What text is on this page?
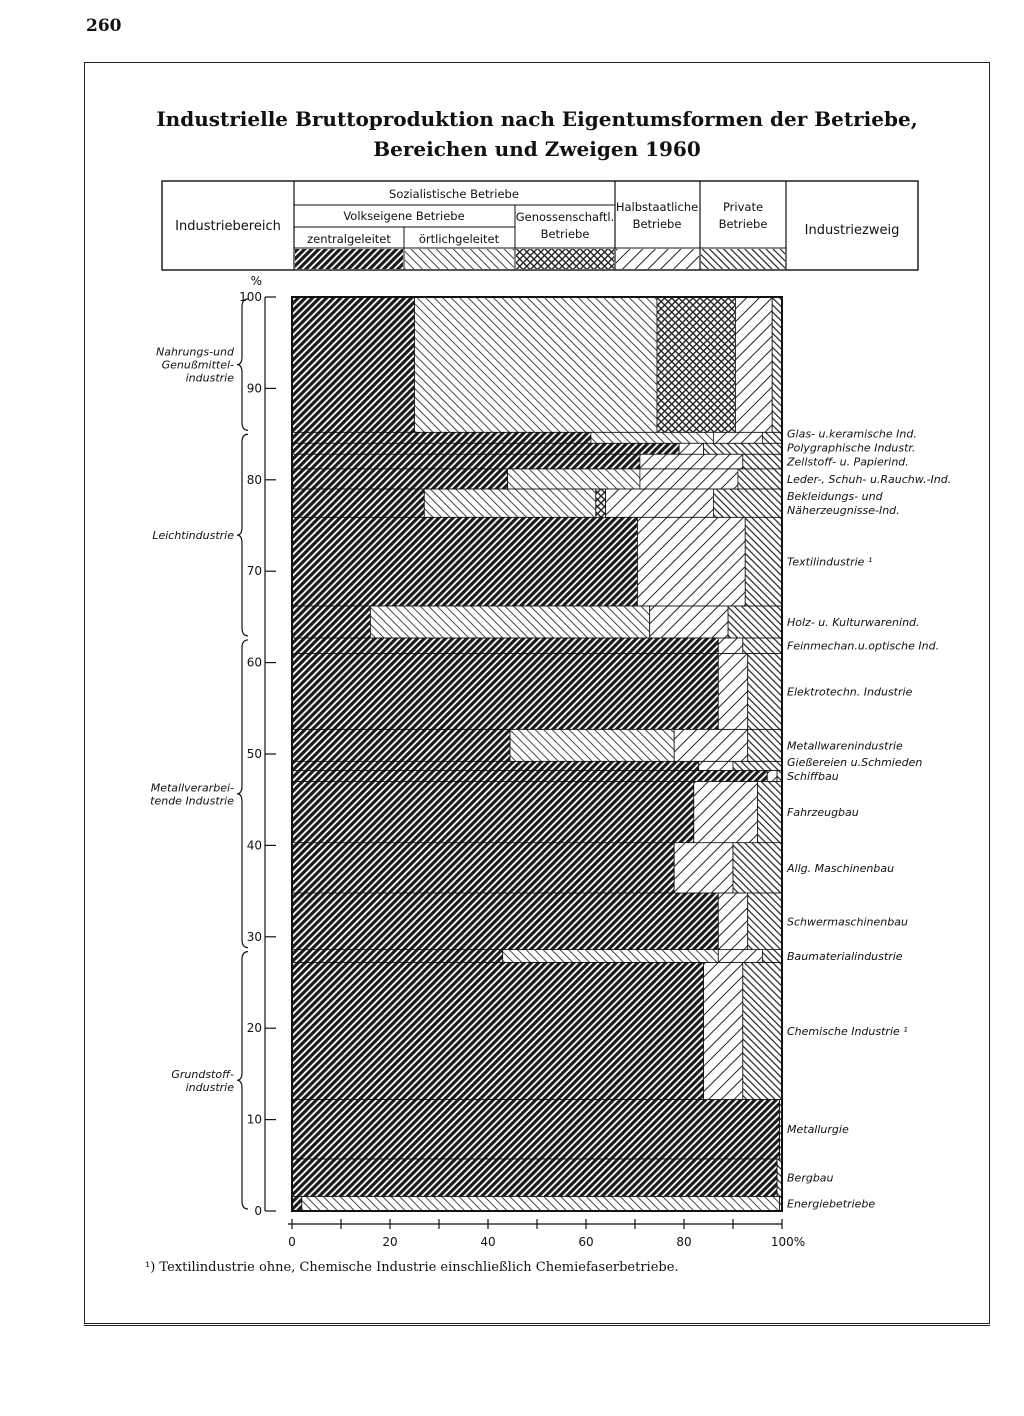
260
Industrielle Bruttoproduktion nach Eigentumsformen der Betriebe,
Bereichen und Zweigen 1960
Industriebereich	Industriezweig
Sozialistische Betriebe
Volkseigene Betriebe
zentralgeleitet örtlichgeleitet
Genossenschaftl. Betriebe
Halbstaatliche Betriebe
Private Betriebe
0
10
20
30
40
50
60
70
80
90
100
%
Nahrungs-und
Genußmittel-
industrie
Leichtindustrie
Metallverarbei-
tende Industrie
Grundstoff-
industrie
Energiebetriebe
Bergbau
Metallurgie
Chemische Industrie ¹
Baumaterialindustrie
Schwermaschinenbau
Allg. Maschinenbau
Fahrzeugbau
Schiffbau
Gießereien u.Schmieden
Metallwarenindustrie
Elektrotechn. Industrie
Feinmechan.u.optische Ind.
Holz- u. Kulturwarenind.
Textilindustrie ¹
Bekleidungs- und
Näherzeugnisse-Ind.
Leder-, Schuh- u.Rauchw.-Ind.
Zellstoff- u. Papierind.
Polygraphische Industr.
Glas- u.keramische Ind.
0	20	40	60	80	100%
¹) Textilindustrie ohne, Chemische Industrie einschließlich Chemiefaserbetriebe.
